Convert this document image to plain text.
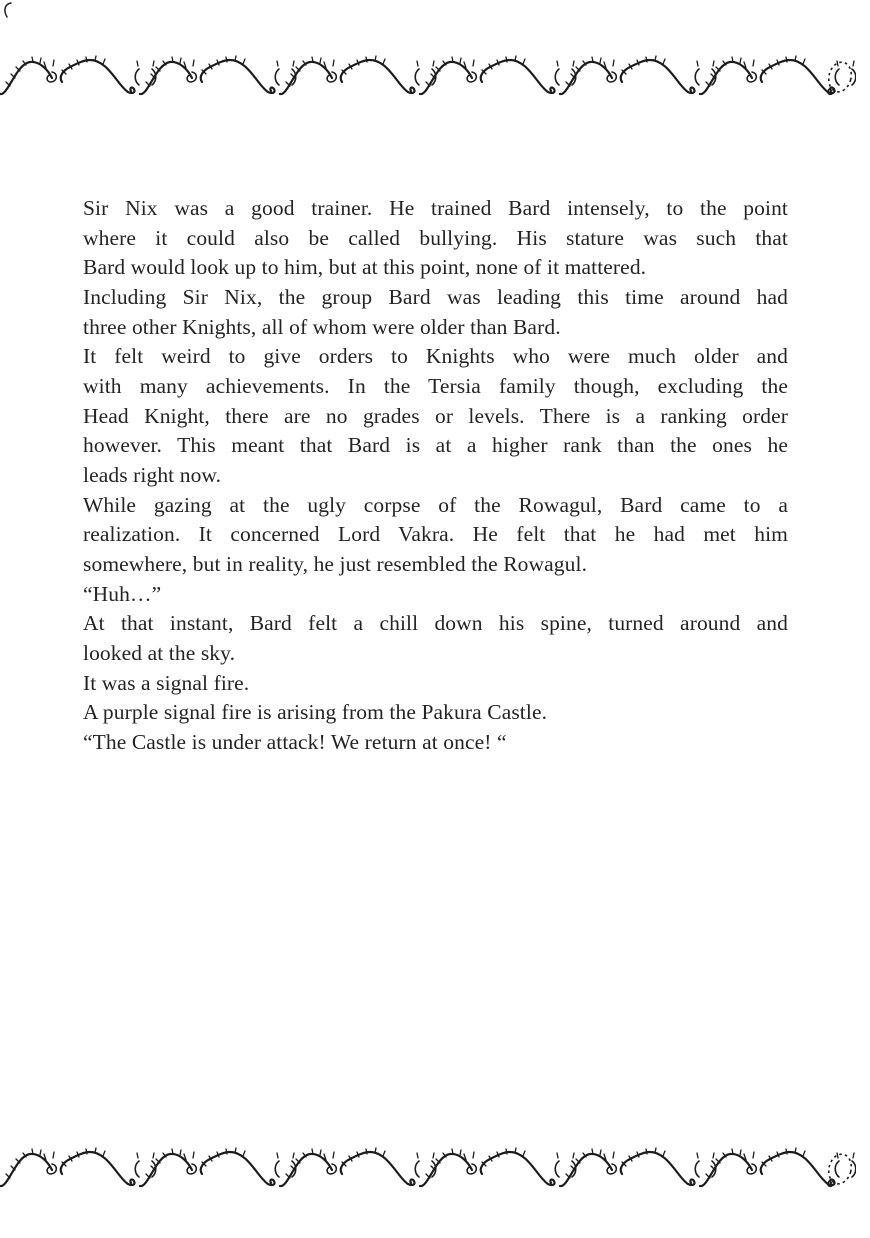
Sir Nix was a good trainer. He trained Bard intensely, to the point
where it could also be called bullying. His stature was such that
Bard would look up to him, but at this point, none of it mattered.
Including Sir Nix, the group Bard was leading this time around had
three other Knights, all of whom were older than Bard.
It felt weird to give orders to Knights who were much older and
with many achievements. In the Tersia family though, excluding the
Head Knight, there are no grades or levels. There is a ranking order
however. This meant that Bard is at a higher rank than the ones he
leads right now.
While gazing at the ugly corpse of the Rowagul, Bard came to a
realization. It concerned Lord Vakra. He felt that he had met him
somewhere, but in reality, he just resembled the Rowagul.
“Huh…”
At that instant, Bard felt a chill down his spine, turned around and
looked at the sky.
It was a signal fire.
A purple signal fire is arising from the Pakura Castle.
“The Castle is under attack! We return at once! “
